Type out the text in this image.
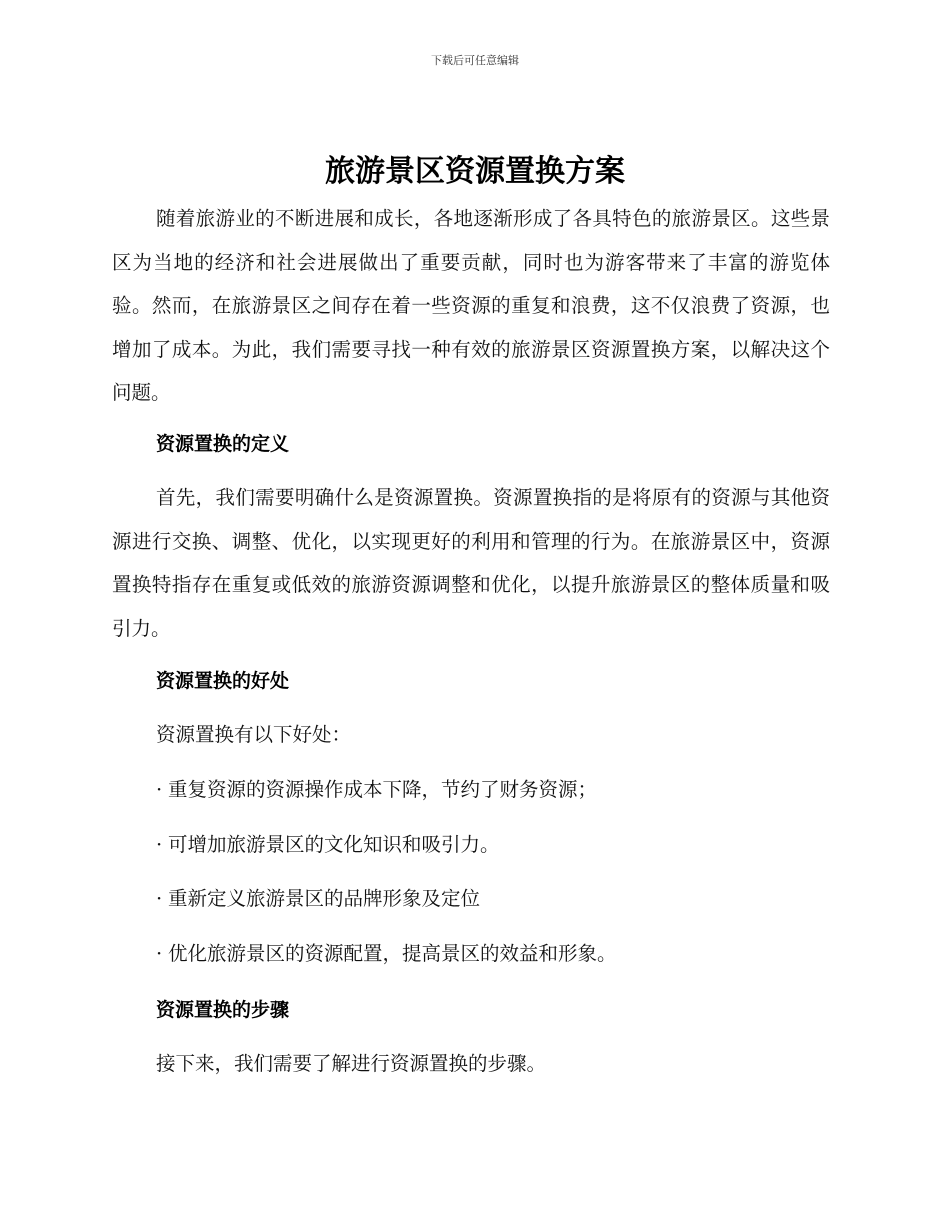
下载后可任意编辑
旅游景区资源置换方案

随着旅游业的不断进展和成长，各地逐渐形成了各具特色的旅游景区。这些景区为当地的经济和社会进展做出了重要贡献，同时也为游客带来了丰富的游览体验。然而，在旅游景区之间存在着一些资源的重复和浪费，这不仅浪费了资源，也增加了成本。为此，我们需要寻找一种有效的旅游景区资源置换方案，以解决这个问题。

资源置换的定义

首先，我们需要明确什么是资源置换。资源置换指的是将原有的资源与其他资源进行交换、调整、优化，以实现更好的利用和管理的行为。在旅游景区中，资源置换特指存在重复或低效的旅游资源调整和优化，以提升旅游景区的整体质量和吸引力。

资源置换的好处

资源置换有以下好处：

· 重复资源的资源操作成本下降，节约了财务资源；
· 可增加旅游景区的文化知识和吸引力。
· 重新定义旅游景区的品牌形象及定位
· 优化旅游景区的资源配置，提高景区的效益和形象。
资源置换的步骤

接下来，我们需要了解进行资源置换的步骤。
